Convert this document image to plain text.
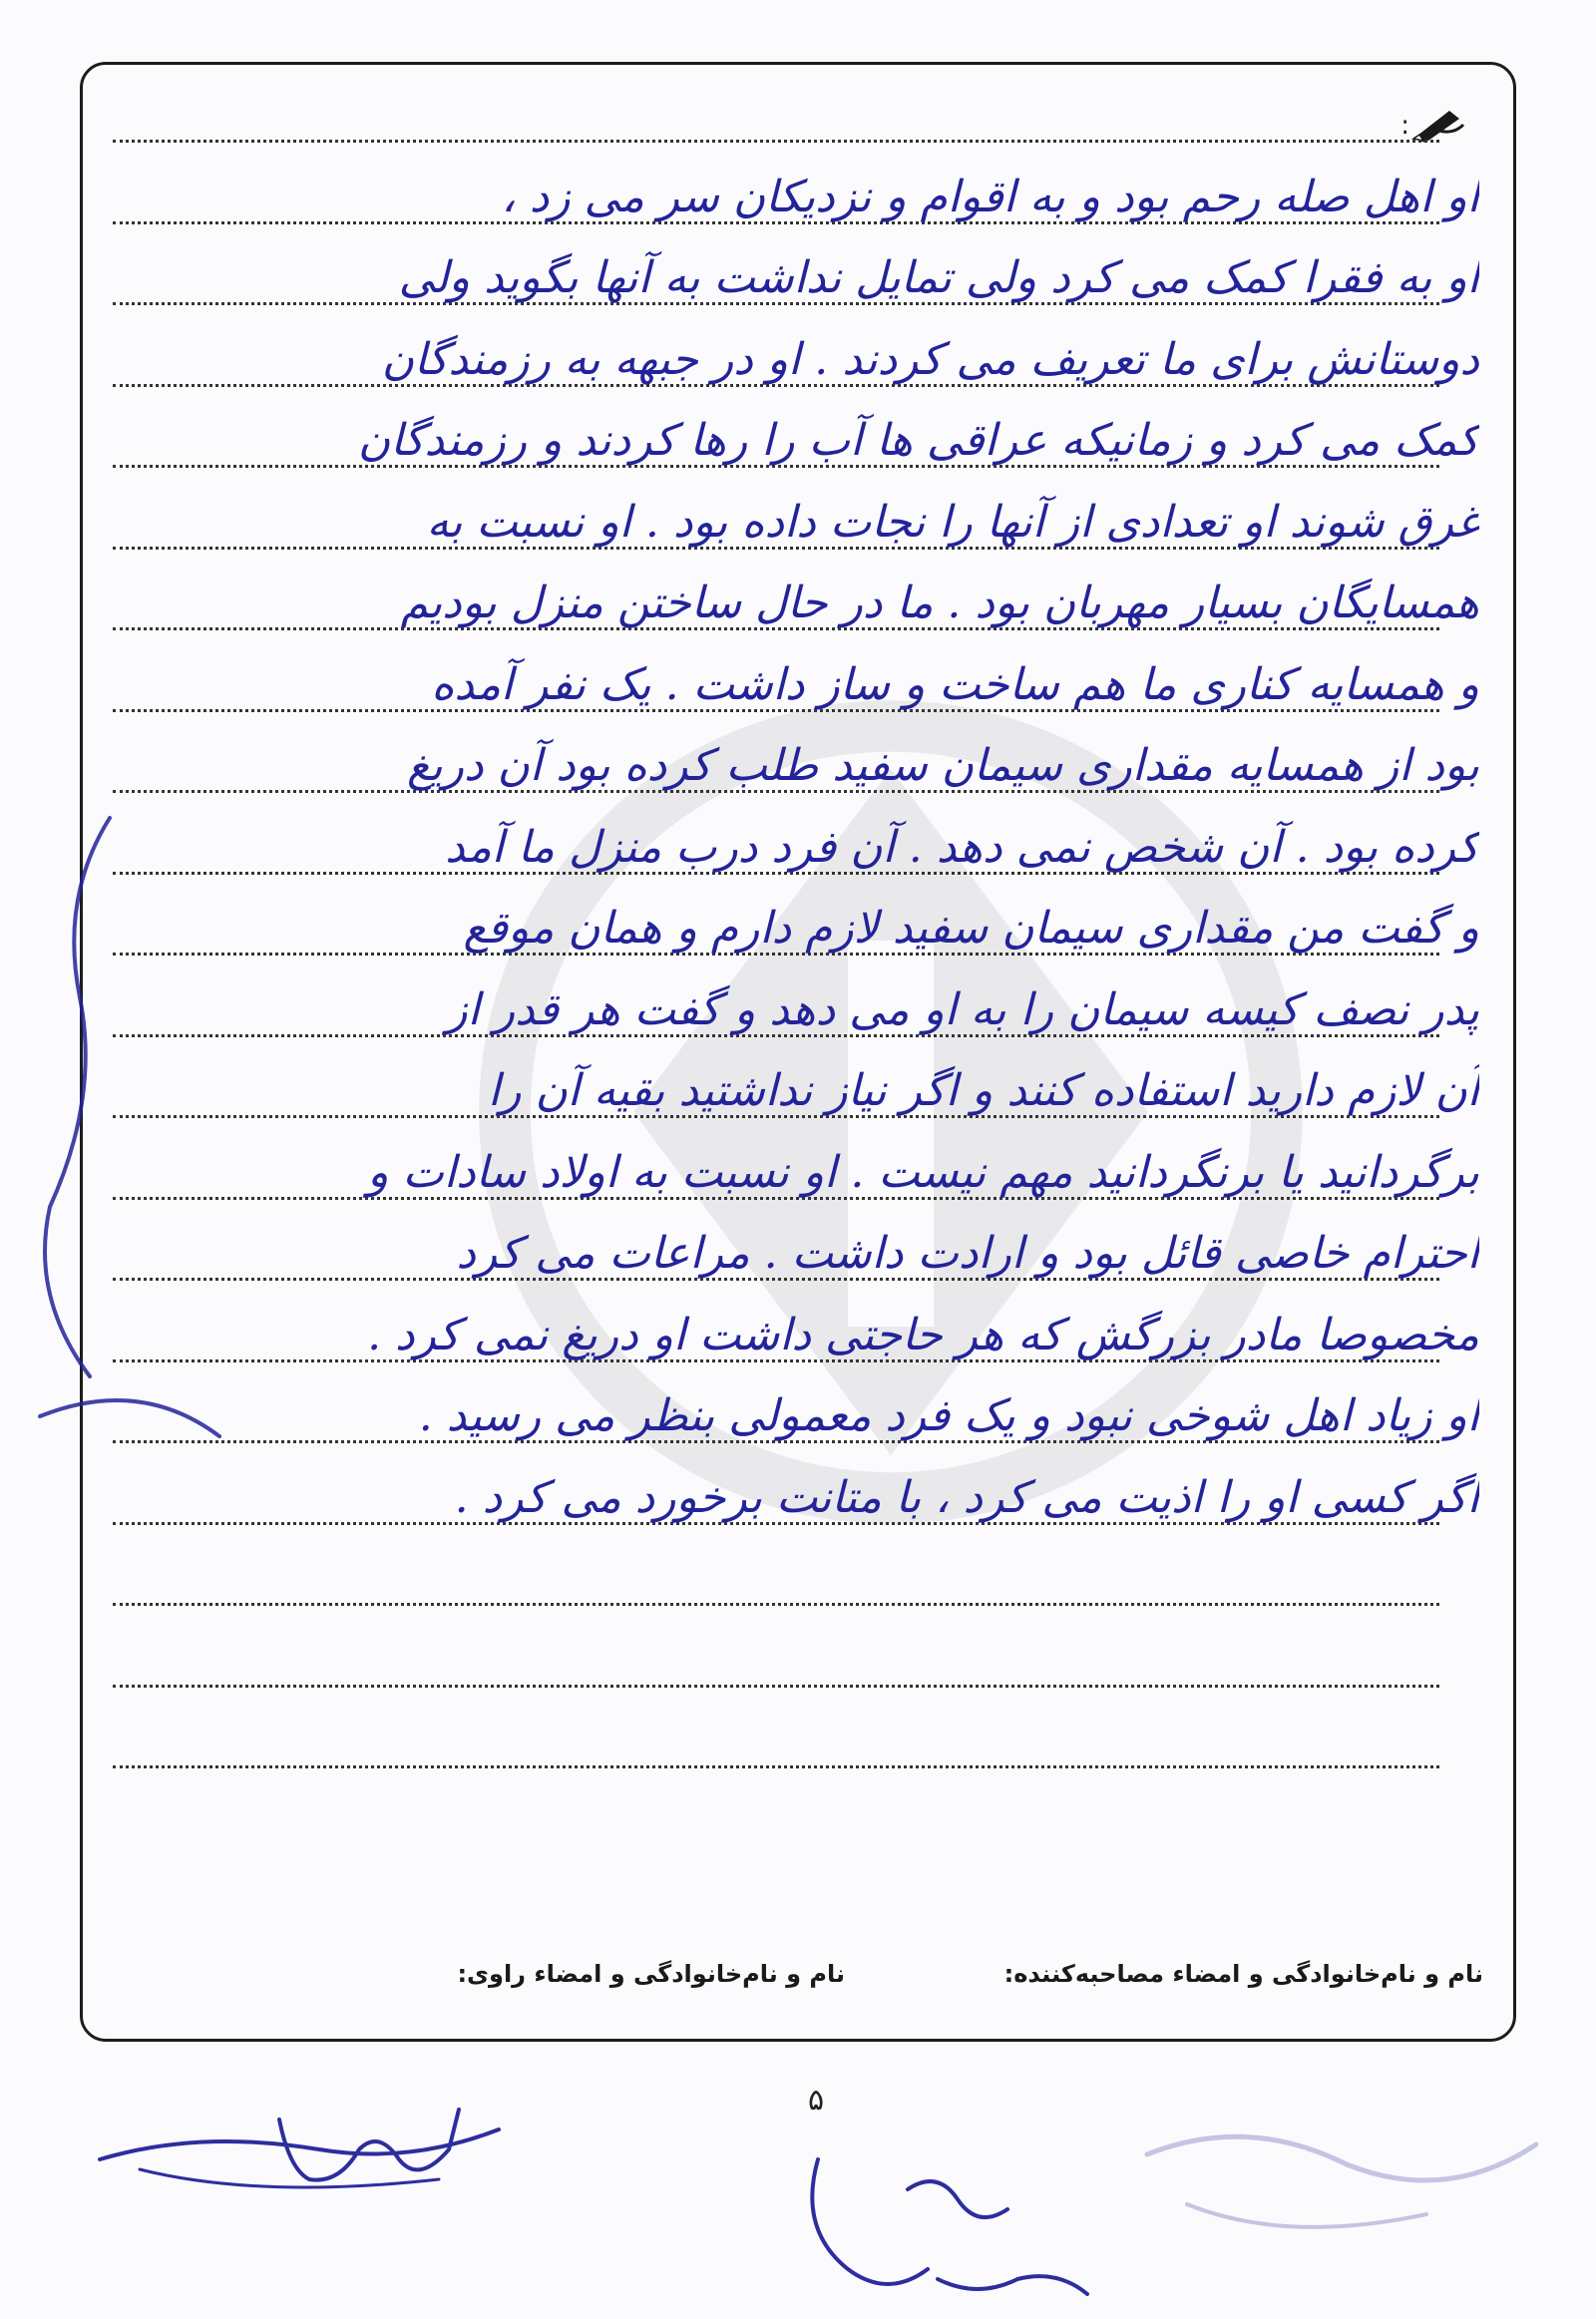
:
او اهل صله رحم بود و به اقوام و نزدیکان سر می زد ،
او به فقرا کمک می کرد ولی تمایل نداشت به آنها بگوید ولی
دوستانش برای ما تعریف می کردند . او در جبهه به رزمندگان
کمک می کرد و زمانیکه عراقی ها آب را رها کردند و رزمندگان
غرق شوند او تعدادی از آنها را نجات داده بود . او نسبت به
همسایگان بسیار مهربان بود . ما در حال ساختن منزل بودیم
و همسایه کناری ما هم ساخت و ساز داشت . یک نفر آمده
بود از همسایه مقداری سیمان سفید طلب کرده بود آن دریغ
کرده بود . آن شخص نمی دهد . آن فرد درب منزل ما آمد
و گفت من مقداری سیمان سفید لازم دارم و همان موقع
پدر نصف کیسه سیمان را به او می دهد و گفت هر قدر از
آن لازم دارید استفاده کنند و اگر نیاز نداشتید بقیه آن را
برگردانید یا برنگردانید مهم نیست . او نسبت به اولاد سادات و
احترام خاصی قائل بود و ارادت داشت . مراعات می کرد
مخصوصا مادر بزرگش که هر حاجتی داشت او دریغ نمی کرد .
او زیاد اهل شوخی نبود و یک فرد معمولی بنظر می رسید .
اگر کسی او را اذیت می کرد ، با متانت برخورد می کرد .
نام و نام‌خانوادگی و امضاء مصاحبه‌کننده:
نام و نام‌خانوادگی و امضاء راوی:
۵
